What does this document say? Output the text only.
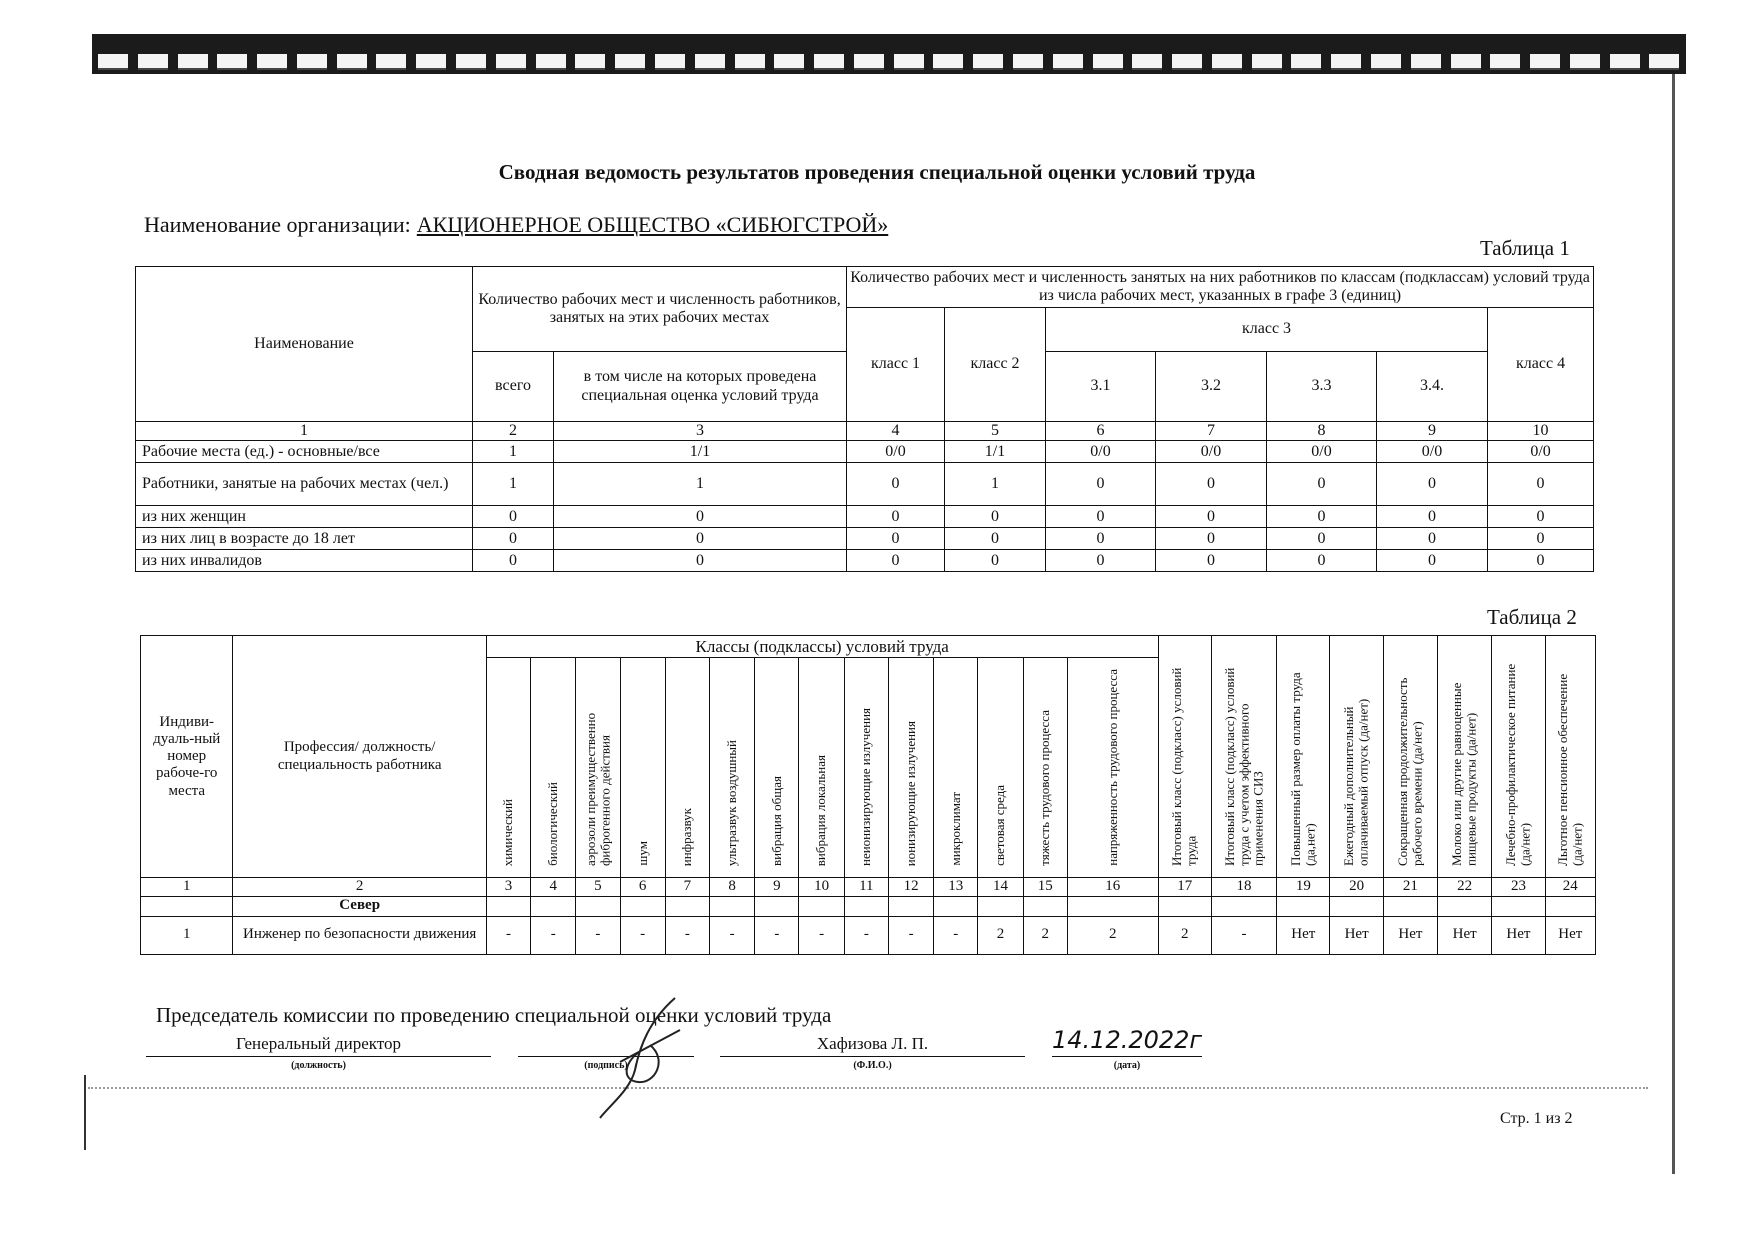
Сводная ведомость результатов проведения специальной оценки условий труда
Наименование организации: АКЦИОНЕРНОЕ ОБЩЕСТВО «СИБЮГСТРОЙ»
Таблица 1
Наименование	Количество рабочих мест и численность работников, занятых на этих рабочих местах		Количество рабочих мест и численность занятых на них работников по классам (подклассам) условий труда из числа рабочих мест, указанных в графе 3 (единиц)						
			класс 1	класс 2	класс 3				класс 4
	всего	в том числе на которых проведена специальная оценка условий труда			3.1	3.2	3.3	3.4.	
1	2	3	4	5	6	7	8	9	10
Рабочие места (ед.) - основные/все	1	1/1	0/0	1/1	0/0	0/0	0/0	0/0	0/0
Работники, занятые на рабочих местах (чел.)	1	1	0	1	0	0	0	0	0
из них женщин	0	0	0	0	0	0	0	0	0
из них лиц в возрасте до 18 лет	0	0	0	0	0	0	0	0	0
из них инвалидов	0	0	0	0	0	0	0	0	0
Таблица 2
Индиви-дуаль-ный номер рабоче-го места	Профессия/ должность/ специальность работника	Классы (подклассы) условий труда														Итоговый класс (подкласс) условий труда	Итоговый класс (подкласс) условий труда с учетом эффективного применения СИЗ	Повышенный размер оплаты труда (да,нет)	Ежегодный дополнительный оплачиваемый отпуск (да/нет)	Сокращенная продолжительность рабочего времени (да/нет)	Молоко или другие равноценные пищевые продукты (да/нет)	Лечебно-профилактическое питание (да/нет)	Льготное пенсионное обеспечение (да/нет)
		химический	биологический	аэрозоли преимущественно фиброгенного действия	шум	инфразвук	ультразвук воздушный	вибрация общая	вибрация локальная	неионизирующие излучения	ионизирующие излучения	микроклимат	световая среда	тяжесть трудового процесса	напряженность трудового процесса								
1	2	3	4	5	6	7	8	9	10	11	12	13	14	15	16	17	18	19	20	21	22	23	24
	Север																						
1	Инженер по безопасности движения	-	-	-	-	-	-	-	-	-	-	-	2	2	2	2	-	Нет	Нет	Нет	Нет	Нет	Нет
Председатель комиссии по проведению специальной оценки условий труда
Генеральный директор
(должность)	(подпись)
Хафизова Л. П.
(Ф.И.О.)
14.12.2022г
(дата)
Стр. 1 из 2
